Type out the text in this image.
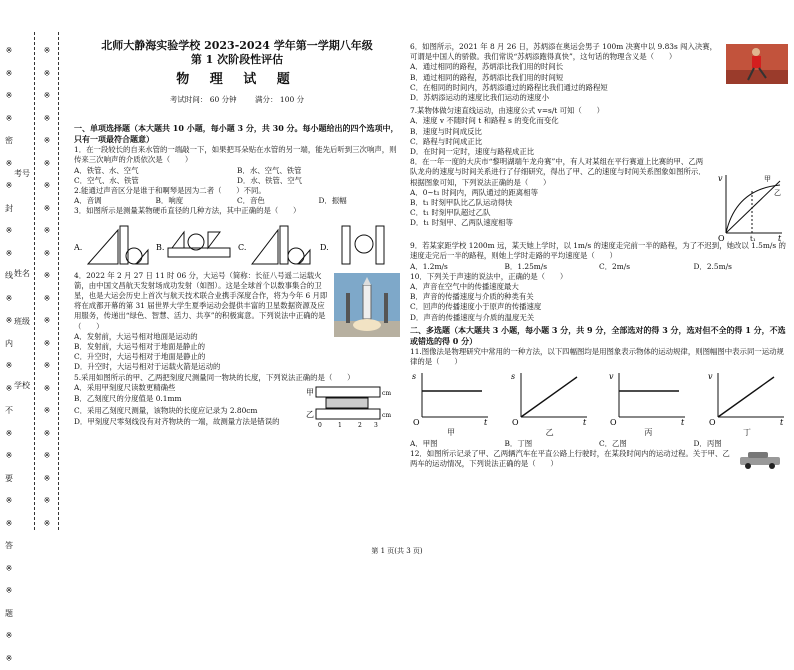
※
※
※
※
密
※
※
封
※
※
线
※
※
内
※
※
不
※
※
要
※
※
答
※
※
题
※
※
※
※
※
※
※
※
※
※
※
※
※
※
※
※
※
※
※
※
※
※
※
※
考号
姓名
班级
学校
北师大静海实验学校 2023-2024 学年第一学期八年级
第 1 次阶段性评估
物 理 试 题
考试时间： 60 分钟 满分： 100 分
一、单项选择题（本大题共 10 小题，每小题 3 分，共 30 分。每小题给出的四个选项中，只有一项最符合题意）

1．在一段较长的自来水管的一端敲一下，如果把耳朵贴在水管的另一端，能先后听到三次响声，则传来三次响声的介质依次是（　　）

A．铁管、水、空气	B．水、空气、铁管
C．空气、水、铁管	D．水、铁管、空气

2.能通过声音区分是谁于和啊琴是因为二者（　　）不同。

A．音调	B．响度	C．音色	D．振幅

3．如图所示是测量某物硬币直径的几种方法，其中正确的是（　　）

A.	B.	C.	D.

4．2022 年 2 月 27 日 11 时 06 分，大运号（简称：长征八号遥二运载火箭，由中国文昌航天发射场成功发射（如图）。这是全球首个以数事集合的卫星，也是大运会历史上首次与航天技术联合业携手深度合作，将为今年 6 月即将在成都开幕的第 31 届世界大学生夏季运动会提供丰富的卫星数据资源及应用服务，传递出“绿色、智慧、活力、共享”的积极寓意。下列说法中正确的是（　　）

A．发射前，大运号相对地面是运动的
B．发射前，大运号相对于地面是静止的
C．升空时，大运号相对于地面是静止的
D．升空时，大运号相对于运载火箭是运动的

5.采用如图所示的甲、乙两把刻度尺测量同一物块的长度，下列说法正确的是（　　）

A．采用甲刻度尺读数更精确些
B．乙刻度尺的分度值是 0.1mm
C．采用乙刻度尺测量，该物块的长度应记录为 2.80cm
D．甲刻度尺零刻线没有对齐物块的一端，故测量方法是错误的
甲
乙
cm
cm
0	1	2 3

6．如图所示，2021 年 8 月 26 日，苏炳添在奥运会男子 100m 决赛中以 9.83s 闯入决赛，可谓是中国人的骄傲。我们常说“苏炳添跑得真快”，这句话的物理含义是（　　）

A．通过相同的路程，苏炳添比我们用的时间长
B．通过相同的路程，苏炳添比我们用的时间短
C．在相同的时间内，苏炳添通过的路程比我们通过的路程短
D．苏炳添运动的速度比我们运动的速度小

7.某物体做匀速直线运动，由速度公式 v=s/t 可知（　　）

A．速度 v 不随时间 t 和路程 s 的变化而变化
B．速度与时间成反比
C．路程与时间成正比
D．在时间一定时，速度与路程成正比

8．在一年一度的大庆市“黎明湖端午龙舟赛”中，有人对某组在平行赛道上比赛的甲、乙两队龙舟的速度与时间关系进行了仔细研究，得出了甲、乙的速度与时间关系图象如图所示．根据图象可知，下列说法正确的是（　　）

A．0~t₁ 时间内，两队通过的距离相等
B．t₁ 时刻甲队比乙队运动得快
C．t₁ 时刻甲队超过乙队
D．t₁ 时刻甲、乙两队速度相等
v
t
O	t₁
甲
乙

9．若某家距学校 1200m 远，某天她上学时，以 1m/s 的速度走完前一半的路程，为了不迟到，她改以 1.5m/s 的速度走完后一半的路程，则她上学时走路的平均速度是（　　）

A．1.2m/s	B．1.25m/s	C．2m/s	D．2.5m/s

10．下列关于声速的说法中，正确的是（　　）

A．声音在空气中的传播速度最大
B．声音的传播速度与介质的种类有关
C．回声的传播速度小于原声的传播速度
D．声音的传播速度与介质的温度无关
二、多选题（本大题共 3 小题，每小题 3 分，共 9 分，全部选对的得 3 分，选对但不全的得 1 分，不选或错选的得 0 分）

11.图像法是物理研究中常用的一种方法，以下四幅图均是用图象表示物体的运动规律，则图幅图中表示同一运动规律的是（　　）

s
t
O
甲
s
t
O
乙
v
t
O
丙
v
t
O
丁
A．甲图	B．丁图	C．乙图	D．丙图

12．如图所示记录了甲、乙两辆汽车在平直公路上行驶时，在某段时间内的运动过程。关于甲、乙两车的运动情况，下列说法正确的是（　　）

第 1 页(共 3 页)
